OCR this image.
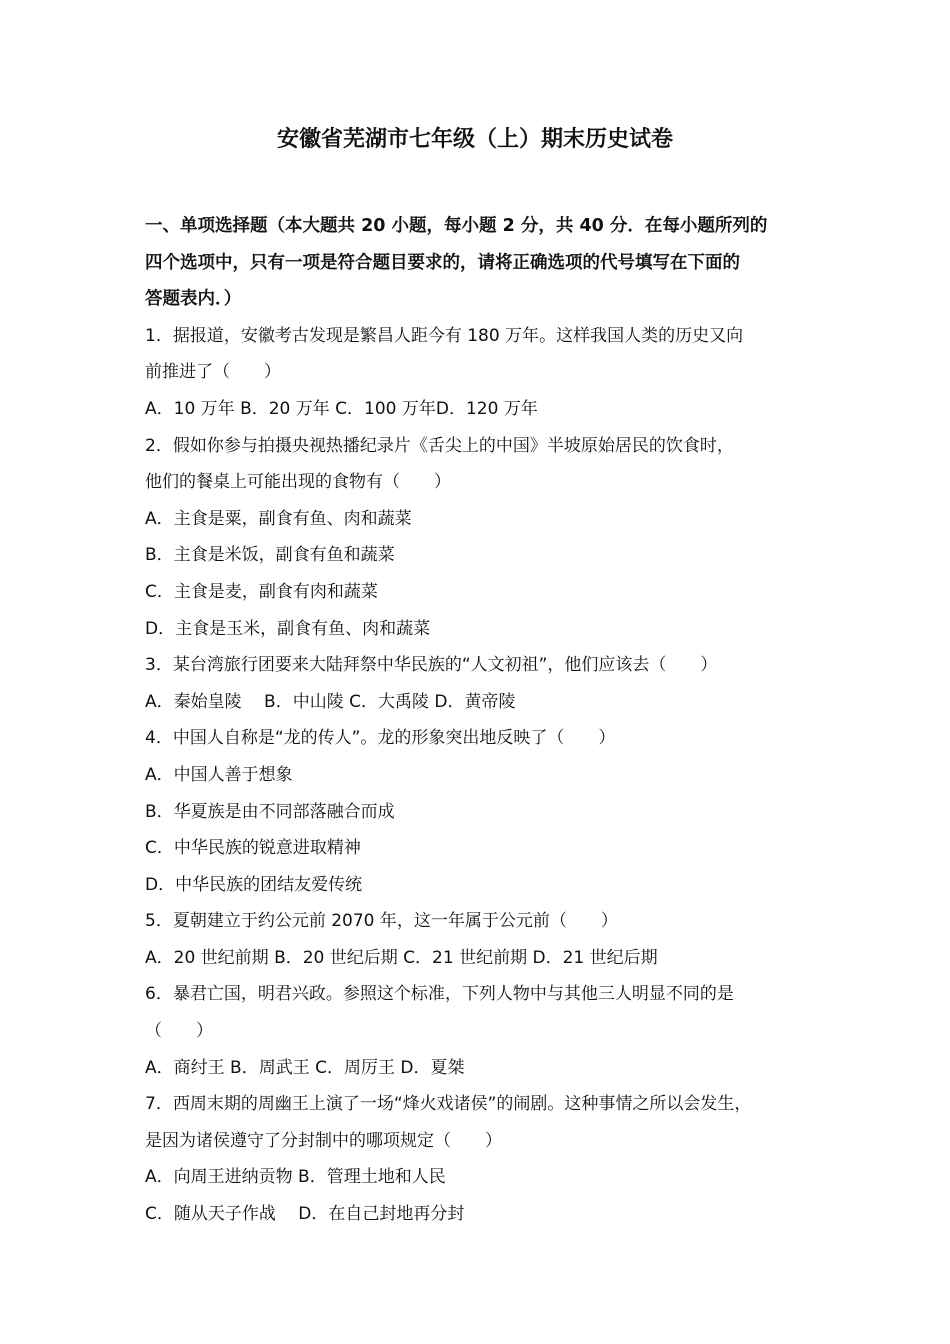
安徽省芜湖市七年级（上）期末历史试卷
一、单项选择题（本大题共 20 小题，每小题 2 分，共 40 分．在每小题所列的
四个选项中，只有一项是符合题目要求的，请将正确选项的代号填写在下面的
答题表内．）
1．据报道，安徽考古发现是繁昌人距今有 180 万年。这样我国人类的历史又向
前推进了（　　）
A．10 万年 B．20 万年 C．100 万年D．120 万年
2．假如你参与拍摄央视热播纪录片《舌尖上的中国》半坡原始居民的饮食时，
他们的餐桌上可能出现的食物有（　　）
A．主食是粟，副食有鱼、肉和蔬菜
B．主食是米饭，副食有鱼和蔬菜
C．主食是麦，副食有肉和蔬菜
D．主食是玉米，副食有鱼、肉和蔬菜
3．某台湾旅行团要来大陆拜祭中华民族的“人文初祖”，他们应该去（　　）
A．秦始皇陵　 B．中山陵 C．大禹陵 D．黄帝陵
4．中国人自称是“龙的传人”。龙的形象突出地反映了（　　）
A．中国人善于想象
B．华夏族是由不同部落融合而成
C．中华民族的锐意进取精神
D．中华民族的团结友爱传统
5．夏朝建立于约公元前 2070 年，这一年属于公元前（　　）
A．20 世纪前期 B．20 世纪后期 C．21 世纪前期 D．21 世纪后期
6．暴君亡国，明君兴政。参照这个标准，下列人物中与其他三人明显不同的是
（　　）
A．商纣王 B．周武王 C．周厉王 D．夏桀
7．西周末期的周幽王上演了一场“烽火戏诸侯”的闹剧。这种事情之所以会发生，
是因为诸侯遵守了分封制中的哪项规定（　　）
A．向周王进纳贡物 B．管理土地和人民
C．随从天子作战　 D．在自己封地再分封
